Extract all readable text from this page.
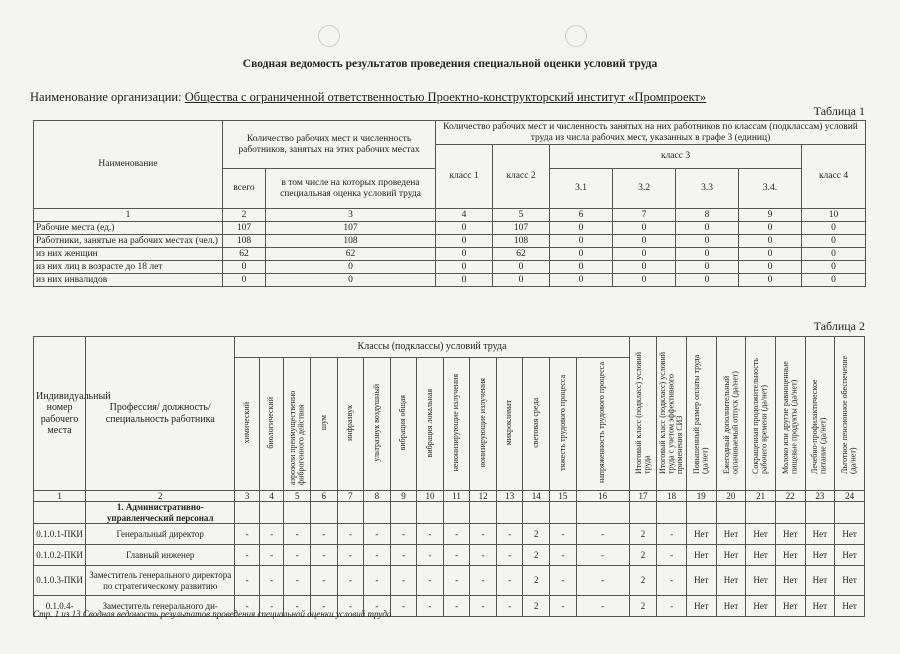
Сводная ведомость результатов проведения специальной оценки условий труда
Наименование организации: Общества с ограниченной ответственностью Проектно-конструкторский институт «Промпроект»
Таблица 1
Наименование	Количество рабочих мест и численность работников, занятых на этих рабочих местах		Количество рабочих мест и численность занятых на них работников по классам (подклассам) условий труда из числа рабочих мест, указанных в графе 3 (единиц)						
			класс 1	класс 2	класс 3				класс 4
	всего	в том числе на которых проведена специальная оценка условий труда			3.1	3.2	3.3	3.4.	
1	2	3	4	5	6	7	8	9	10
Рабочие места (ед.)	107	107	0	107	0	0	0	0	0
Работники, занятые на рабочих местах (чел.)	108	108	0	108	0	0	0	0	0
из них женщин	62	62	0	62	0	0	0	0	0
из них лиц в возрасте до 18 лет	0	0	0	0	0	0	0	0	0
из них инвалидов	0	0	0	0	0	0	0	0	0
Таблица 2
Индивидуальный номер рабочего места	Профессия/ должность/ специальность работника	Классы (подклассы) условий труда														Итоговый класс (подкласс) условий труда	Итоговый класс (подкласс) условий труда с учетом эффективного применения СИЗ	Повышенный размер оплаты труда (да/нет)	Ежегодный дополнительный оплачиваемый отпуск (да/нет)	Сокращенная продолжительность рабочего времени (да/нет)	Молоко или другие равноценные пищевые продукты (да/нет)	Лечебно-профилактическое питание (да/нет)	Льготное пенсионное обеспечение (да/нет)
		химический	биологический	аэрозоли преимущественно фиброгенного действия	шум	инфразвук	ультразвук воздушный	вибрация общая	вибрация локальная	неионизирующие излучения	ионизирующие излучения	микроклимат	световая среда	тяжесть трудового процесса	напряженность трудового процесса								
1	2	3	4	5	6	7	8	9	10	11	12	13	14	15	16	17	18	19	20	21	22	23	24
	1. Административно-управленческий персонал																						
0.1.0.1-ПКИ	Генеральный директор	-	-	-	-	-	-	-	-	-	-	-	2	-	-	2	-	Нет	Нет	Нет	Нет	Нет	Нет
0.1.0.2-ПКИ	Главный инженер	-	-	-	-	-	-	-	-	-	-	-	2	-	-	2	-	Нет	Нет	Нет	Нет	Нет	Нет
0.1.0.3-ПКИ	Заместитель генерального директора по стратегическому развитию	-	-	-	-	-	-	-	-	-	-	-	2	-	-	2	-	Нет	Нет	Нет	Нет	Нет	Нет
0.1.0.4-	Заместитель генерального ди-	-	-	-	-	-	-	-	-	-	-	-	2	-	-	2	-	Нет	Нет	Нет	Нет	Нет	Нет
Стр. 1 из 13 Сводная ведомость результатов проведения специальной оценки условий труда
